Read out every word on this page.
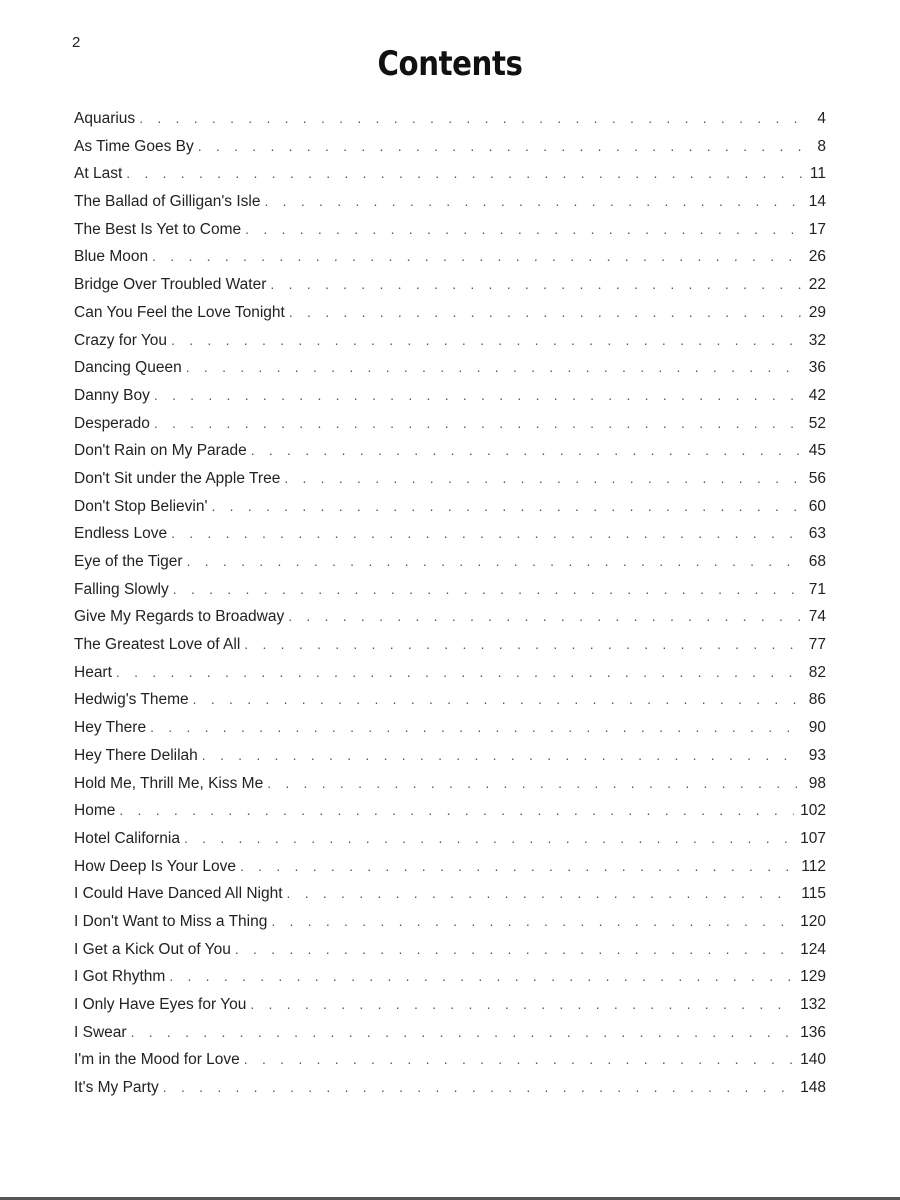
2
Contents
Aquarius . . .	4
As Time Goes By . . .	8
At Last . . .	11
The Ballad of Gilligan's Isle . . .	14
The Best Is Yet to Come . . .	17
Blue Moon . . .	26
Bridge Over Troubled Water . . .	22
Can You Feel the Love Tonight . . .	29
Crazy for You . . .	32
Dancing Queen . . .	36
Danny Boy . . .	42
Desperado . . .	52
Don't Rain on My Parade . . .	45
Don't Sit under the Apple Tree . . .	56
Don't Stop Believin' . . .	60
Endless Love . . .	63
Eye of the Tiger . . .	68
Falling Slowly . . .	71
Give My Regards to Broadway . . .	74
The Greatest Love of All . . .	77
Heart . . .	82
Hedwig's Theme . . .	86
Hey There . . .	90
Hey There Delilah . . .	93
Hold Me, Thrill Me, Kiss Me . . .	98
Home . . .	102
Hotel California . . .	107
How Deep Is Your Love . . .	112
I Could Have Danced All Night . . .	115
I Don't Want to Miss a Thing . . .	120
I Get a Kick Out of You . . .	124
I Got Rhythm . . .	129
I Only Have Eyes for You . . .	132
I Swear . . .	136
I'm in the Mood for Love . . .	140
It's My Party . . .	148
